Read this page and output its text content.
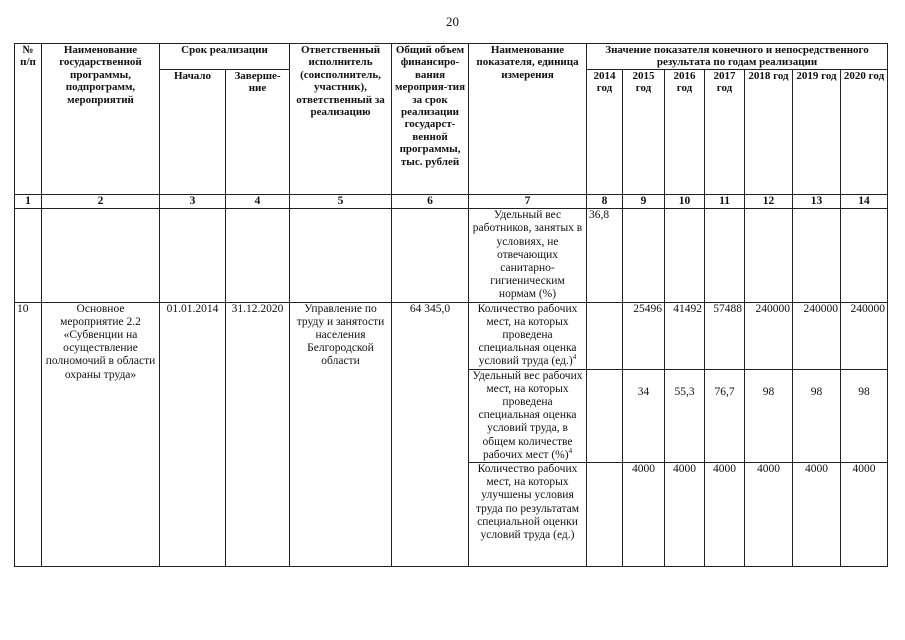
20
№ п/п	Наименование государственной программы, подпрограмм, мероприятий	Срок реализации		Ответственный исполнитель (соисполнитель, участник), ответственный за реализацию	Общий объем финансиро-вания мероприя-тия за срок реализации государст-венной программы, тыс. рублей	Наименование показателя, единица измерения	Значение показателя конечного и непосредственного результата по годам реализации						
		Начало	Заверше-ние				2014 год	2015 год	2016 год	2017 год	2018 год	2019 год	2020 год
1	2	3	4	5	6	7	8	9	10	11	12	13	14
						Удельный вес работников, занятых в условиях, не отвечающих санитарно-гигиеническим нормам (%)	36,8						
10	Основное мероприятие 2.2 «Субвенции на осуществление полномочий в области охраны труда»	01.01.2014	31.12.2020	Управление по труду и занятости населения Белгородской области	64 345,0	Количество рабочих мест, на которых проведена специальная оценка условий труда $(ед.)^4$		25496	41492	57488	240000	240000	240000
						Удельный вес рабочих мест, на которых проведена специальная оценка условий труда, в общем количестве рабочих мест (%)$^4$		34	55,3	76,7	98	98	98
						Количество рабочих мест, на которых улучшены условия труда по результатам специальной оценки условий труда (ед.)		4000	4000	4000	4000	4000	4000
